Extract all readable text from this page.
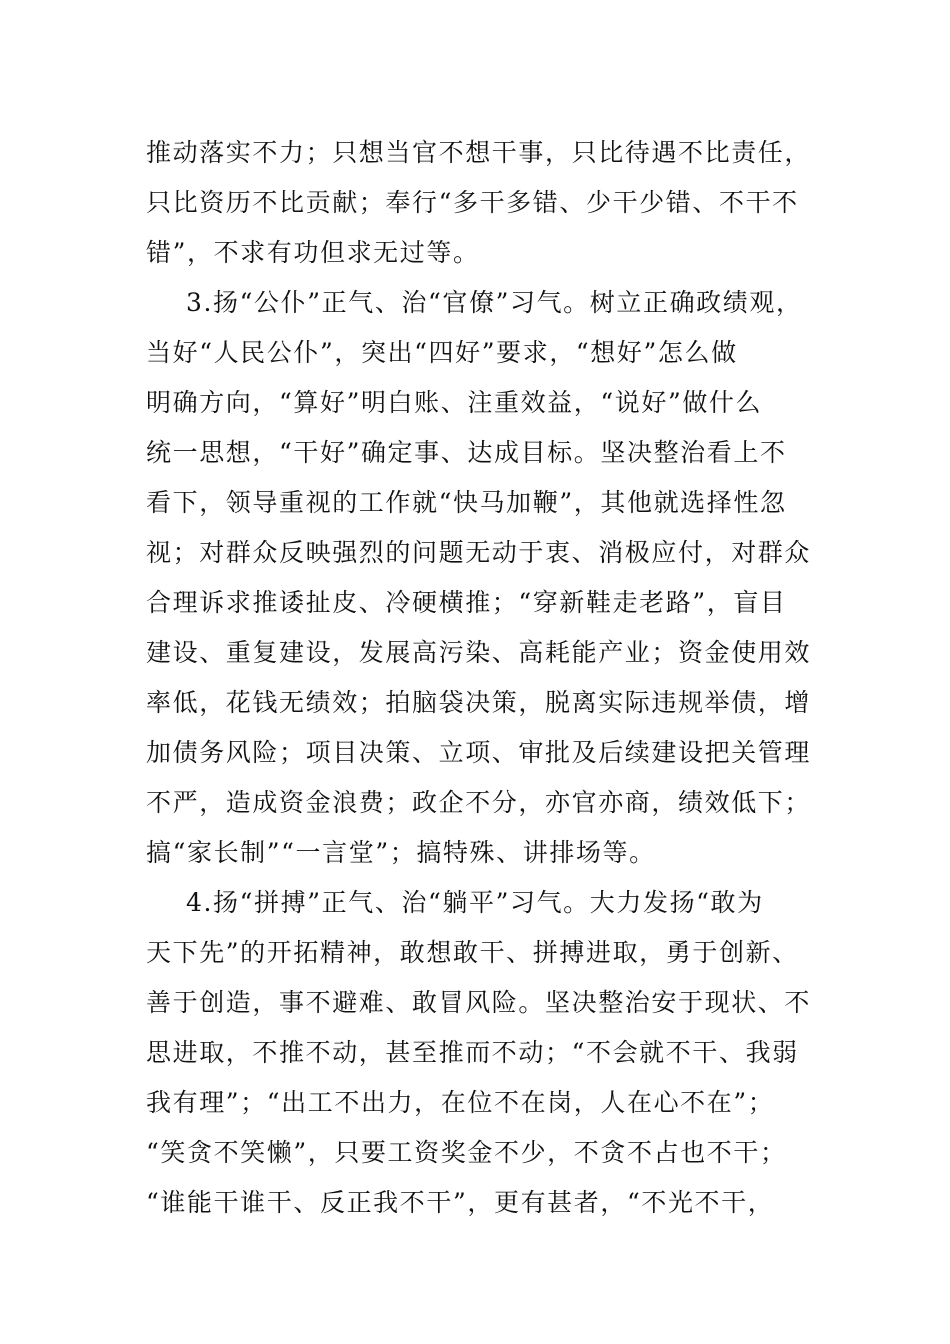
推动落实不力；只想当官不想干事，只比待遇不比责任，
只比资历不比贡献；奉行“多干多错、少干少错、不干不
错”，不求有功但求无过等。
3.扬“公仆”正气、治“官僚”习气。树立正确政绩观，
当好“人民公仆”，突出“四好”要求，“想好”怎么做
明确方向，“算好”明白账、注重效益，“说好”做什么
统一思想，“干好”确定事、达成目标。坚决整治看上不
看下，领导重视的工作就“快马加鞭”，其他就选择性忽
视；对群众反映强烈的问题无动于衷、消极应付，对群众
合理诉求推诿扯皮、冷硬横推；“穿新鞋走老路”，盲目
建设、重复建设，发展高污染、高耗能产业；资金使用效
率低，花钱无绩效；拍脑袋决策，脱离实际违规举债，增
加债务风险；项目决策、立项、审批及后续建设把关管理
不严，造成资金浪费；政企不分，亦官亦商，绩效低下；
搞“家长制”“一言堂”；搞特殊、讲排场等。
4.扬“拼搏”正气、治“躺平”习气。大力发扬“敢为
天下先”的开拓精神，敢想敢干、拼搏进取，勇于创新、
善于创造，事不避难、敢冒风险。坚决整治安于现状、不
思进取，不推不动，甚至推而不动；“不会就不干、我弱
我有理”；“出工不出力，在位不在岗，人在心不在”；
“笑贪不笑懒”，只要工资奖金不少，不贪不占也不干；
“谁能干谁干、反正我不干”，更有甚者，“不光不干，
